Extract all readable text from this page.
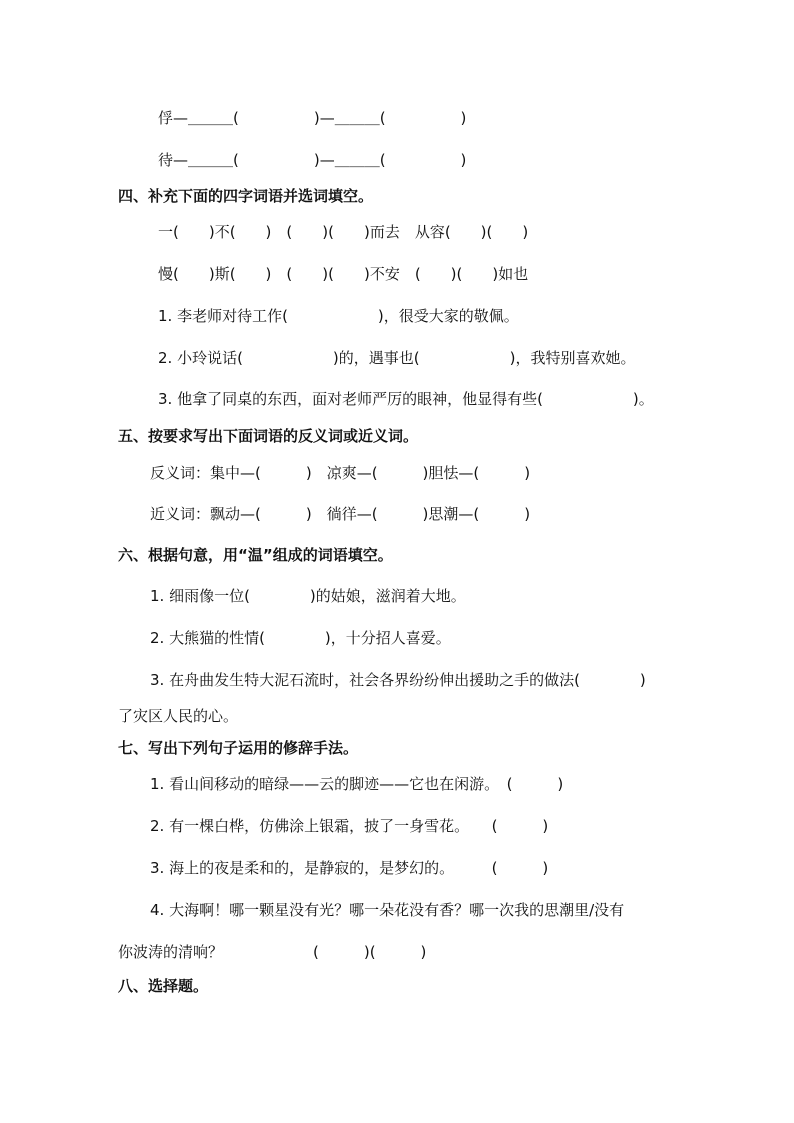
俘—＿＿＿(　　　　　)—＿＿＿(　　　　　)
待—＿＿＿(　　　　　)—＿＿＿(　　　　　)
四、补充下面的四字词语并选词填空。
一(　　)不(　　)　(　　)(　　)而去　从容(　　)(　　)
慢(　　)斯(　　)　(　　)(　　)不安　(　　)(　　)如也
1. 李老师对待工作(　　　　　　)，很受大家的敬佩。
2. 小玲说话(　　　　　　)的，遇事也(　　　　　　)，我特别喜欢她。
3. 他拿了同桌的东西，面对老师严厉的眼神，他显得有些(　　　　　　)。
五、按要求写出下面词语的反义词或近义词。
反义词：集中—(　　　)　凉爽—(　　　)胆怯—(　　　)
近义词：飘动—(　　　)　徜徉—(　　　)思潮—(　　　)
六、根据句意，用“温”组成的词语填空。
1. 细雨像一位(　　　　)的姑娘，滋润着大地。
2. 大熊猫的性情(　　　　)，十分招人喜爱。
3. 在舟曲发生特大泥石流时，社会各界纷纷伸出援助之手的做法(　　　　)
了灾区人民的心。
七、写出下列句子运用的修辞手法。
1. 看山间移动的暗绿——云的脚迹——它也在闲游。　(　　　)
2. 有一棵白桦，仿佛涂上银霜，披了一身雪花。　　(　　　)
3. 海上的夜是柔和的，是静寂的，是梦幻的。　　　(　　　)
4. 大海啊！哪一颗星没有光？哪一朵花没有香？哪一次我的思潮里/没有
你波涛的清响？　　　　　　(　　　)(　　　)
八、选择题。
